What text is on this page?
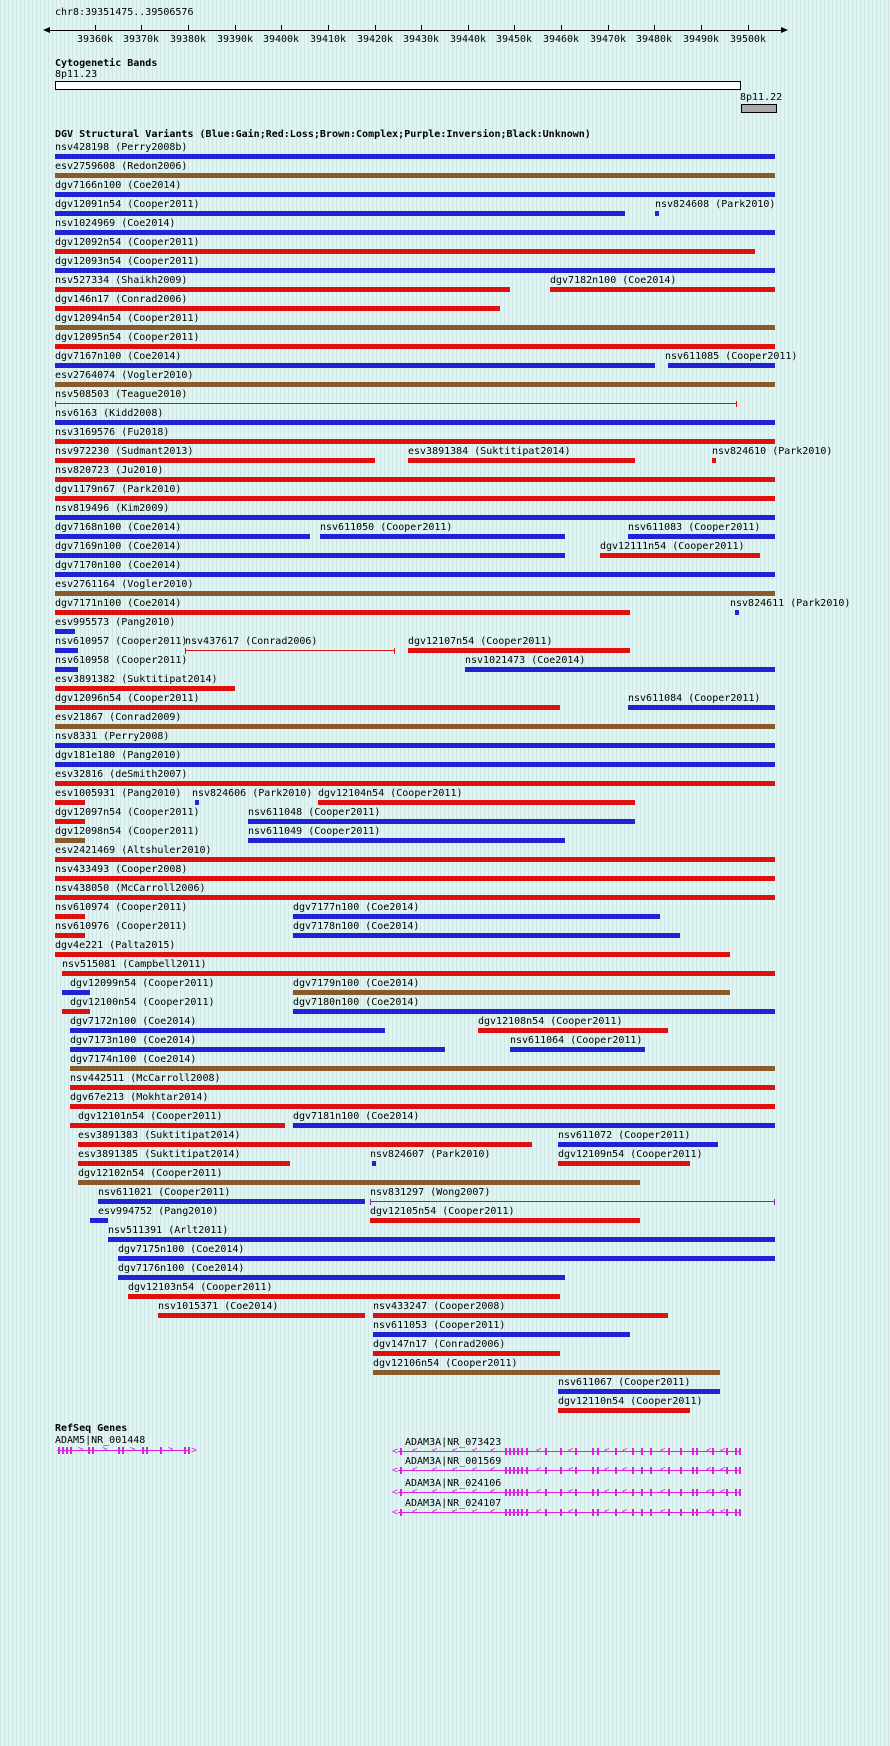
chr8:39351475..39506576
39360k 39370k 39380k 39390k 39400k 39410k 39420k 39430k 39440k 39450k 39460k 39470k 39480k 39490k 39500k
Cytogenetic Bands
8p11.23
8p11.22
DGV Structural Variants (Blue:Gain;Red:Loss;Brown:Complex;Purple:Inversion;Black:Unknown)
nsv428198 (Perry2008b)
esv2759608 (Redon2006)
dgv7166n100 (Coe2014)
dgv12091n54 (Cooper2011)	nsv824608 (Park2010)
nsv1024969 (Coe2014)
dgv12092n54 (Cooper2011)
dgv12093n54 (Cooper2011)
nsv527334 (Shaikh2009)	dgv7182n100 (Coe2014)
dgv146n17 (Conrad2006)
dgv12094n54 (Cooper2011)
dgv12095n54 (Cooper2011)
dgv7167n100 (Coe2014)	nsv611085 (Cooper2011)
esv2764074 (Vogler2010)
nsv508503 (Teague2010)
nsv6163 (Kidd2008)
nsv3169576 (Fu2018)
nsv972230 (Sudmant2013)	esv3891384 (Suktitipat2014)	nsv824610 (Park2010)
nsv820723 (Ju2010)
dgv1179n67 (Park2010)
nsv819496 (Kim2009)
dgv7168n100 (Coe2014)	nsv611050 (Cooper2011)	nsv611083 (Cooper2011)
dgv7169n100 (Coe2014)	dgv12111n54 (Cooper2011)
dgv7170n100 (Coe2014)
esv2761164 (Vogler2010)
dgv7171n100 (Coe2014)	nsv824611 (Park2010)
esv995573 (Pang2010)
nsv610957 (Cooper2011)
nsv437617 (Conrad2006)	dgv12107n54 (Cooper2011)
nsv610958 (Cooper2011)	nsv1021473 (Coe2014)
esv3891382 (Suktitipat2014)
dgv12096n54 (Cooper2011)	nsv611084 (Cooper2011)
esv21867 (Conrad2009)
nsv8331 (Perry2008)
dgv181e180 (Pang2010)
esv32816 (deSmith2007)
esv1005931 (Pang2010) nsv824606 (Park2010) dgv12104n54 (Cooper2011)
dgv12097n54 (Cooper2011)	nsv611048 (Cooper2011)
dgv12098n54 (Cooper2011)	nsv611049 (Cooper2011)
esv2421469 (Altshuler2010)
nsv433493 (Cooper2008)
nsv438050 (McCarroll2006)
nsv610974 (Cooper2011)	dgv7177n100 (Coe2014)
nsv610976 (Cooper2011)	dgv7178n100 (Coe2014)
dgv4e221 (Palta2015)
nsv515081 (Campbell2011)
dgv12099n54 (Cooper2011)	dgv7179n100 (Coe2014)
dgv12100n54 (Cooper2011)	dgv7180n100 (Coe2014)
dgv7172n100 (Coe2014)	dgv12108n54 (Cooper2011)
dgv7173n100 (Coe2014)	nsv611064 (Cooper2011)
dgv7174n100 (Coe2014)
nsv442511 (McCarroll2008)
dgv67e213 (Mokhtar2014)
dgv12101n54 (Cooper2011)	dgv7181n100 (Coe2014)
esv3891383 (Suktitipat2014)	nsv611072 (Cooper2011)
esv3891385 (Suktitipat2014)	nsv824607 (Park2010)	dgv12109n54 (Cooper2011)
dgv12102n54 (Cooper2011)
nsv611021 (Cooper2011)	nsv831297 (Wong2007)
esv994752 (Pang2010)	dgv12105n54 (Cooper2011)
nsv511391 (Arlt2011)
dgv7175n100 (Coe2014)
dgv7176n100 (Coe2014)
dgv12103n54 (Cooper2011)
nsv1015371 (Coe2014)	nsv433247 (Cooper2008)
nsv611053 (Cooper2011)
dgv147n17 (Conrad2006)
dgv12106n54 (Cooper2011)
nsv611067 (Cooper2011)
dgv12110n54 (Cooper2011)
RefSeq Genes
ADAM5|NR_001448
>
> >	>	>
ADAM3A|NR_073423
< < < < < <	<	<	< <	<	< <
ADAM3A|NR_001569
< < < < < <	<	<	< <	<	< <
ADAM3A|NR_024106
< < < < < <	<	<	< <	<	< <
ADAM3A|NR_024107
< < < < < <	<	<	< <	<	< <
